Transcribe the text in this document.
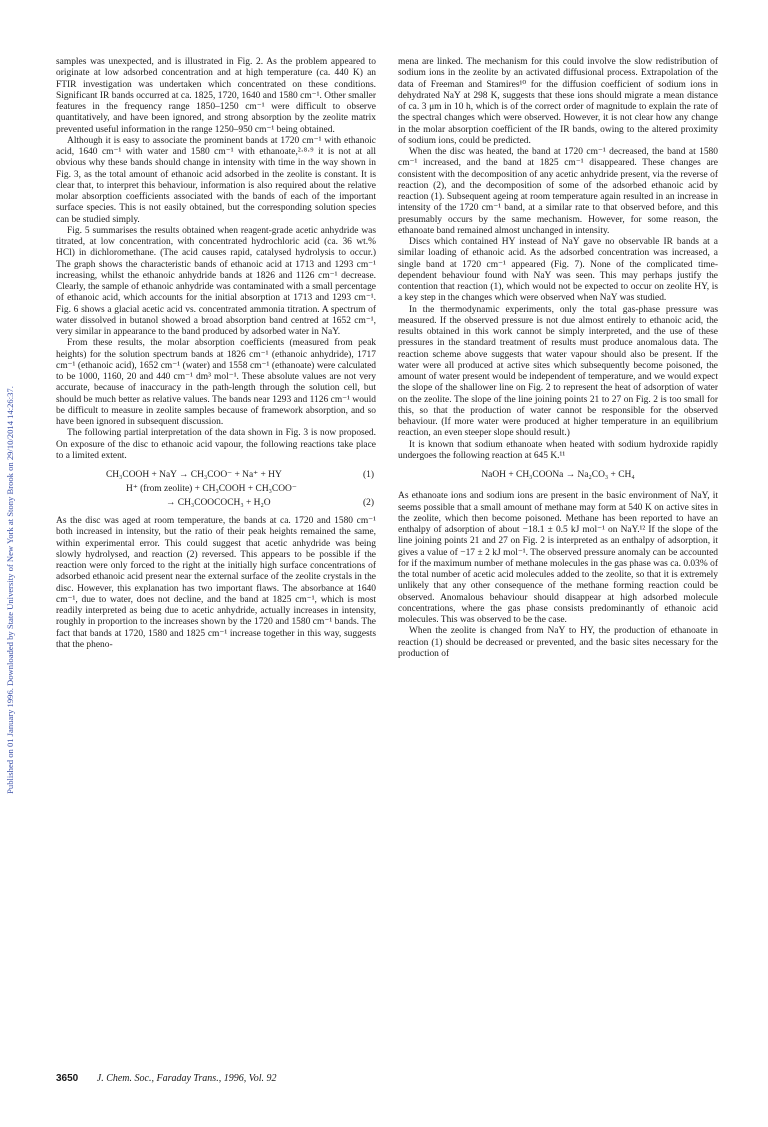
Published on 01 January 1996. Downloaded by State University of New York at Stony Brook on 29/10/2014 14:26:37.

samples was unexpected, and is illustrated in Fig. 2. As the problem appeared to originate at low adsorbed concentration and at high temperature (ca. 440 K) an FTIR investigation was undertaken which concentrated on these conditions. Significant IR bands occurred at ca. 1825, 1720, 1640 and 1580 cm⁻¹. Other smaller features in the frequency range 1850–1250 cm⁻¹ were difficult to observe quantitatively, and have been ignored, and strong absorption by the zeolite matrix prevented useful information in the range 1250–950 cm⁻¹ being obtained.

Although it is easy to associate the prominent bands at 1720 cm⁻¹ with ethanoic acid, 1640 cm⁻¹ with water and 1580 cm⁻¹ with ethanoate,²·⁸·⁹ it is not at all obvious why these bands should change in intensity with time in the way shown in Fig. 3, as the total amount of ethanoic acid adsorbed in the zeolite is constant. It is clear that, to interpret this behaviour, information is also required about the relative molar absorption coefficients associated with the bands of each of the important surface species. This is not easily obtained, but the corresponding solution species can be studied simply.

Fig. 5 summarises the results obtained when reagent-grade acetic anhydride was titrated, at low concentration, with concentrated hydrochloric acid (ca. 36 wt.% HCl) in dichloromethane. (The acid causes rapid, catalysed hydrolysis to occur.) The graph shows the characteristic bands of ethanoic acid at 1713 and 1293 cm⁻¹ increasing, whilst the ethanoic anhydride bands at 1826 and 1126 cm⁻¹ decrease. Clearly, the sample of ethanoic anhydride was contaminated with a small percentage of ethanoic acid, which accounts for the initial absorption at 1713 and 1293 cm⁻¹. Fig. 6 shows a glacial acetic acid vs. concentrated ammonia titration. A spectrum of water dissolved in butanol showed a broad absorption band centred at 1652 cm⁻¹, very similar in appearance to the band produced by adsorbed water in NaY.

From these results, the molar absorption coefficients (measured from peak heights) for the solution spectrum bands at 1826 cm⁻¹ (ethanoic anhydride), 1717 cm⁻¹ (ethanoic acid), 1652 cm⁻¹ (water) and 1558 cm⁻¹ (ethanoate) were calculated to be 1000, 1160, 20 and 440 cm⁻¹ dm³ mol⁻¹. These absolute values are not very accurate, because of inaccuracy in the path-length through the solution cell, but should be much better as relative values. The bands near 1293 and 1126 cm⁻¹ would be difficult to measure in zeolite samples because of framework absorption, and so have been ignored in subsequent discussion.

The following partial interpretation of the data shown in Fig. 3 is now proposed. On exposure of the disc to ethanoic acid vapour, the following reactions take place to a limited extent.

CH₃COOH + NaY → CH₃COO⁻ + Na⁺ + HY	(1)
H⁺ (from zeolite) + CH₃COOH + CH₃COO⁻
→ CH₃COOCOCH₃ + H₂O	(2)

As the disc was aged at room temperature, the bands at ca. 1720 and 1580 cm⁻¹ both increased in intensity, but the ratio of their peak heights remained the same, within experimental error. This could suggest that acetic anhydride was being slowly hydrolysed, and reaction (2) reversed. This appears to be possible if the reaction were only forced to the right at the initially high surface concentrations of adsorbed ethanoic acid present near the external surface of the zeolite crystals in the disc. However, this explanation has two important flaws. The absorbance at 1640 cm⁻¹, due to water, does not decline, and the band at 1825 cm⁻¹, which is most readily interpreted as being due to acetic anhydride, actually increases in intensity, roughly in proportion to the increases shown by the 1720 and 1580 cm⁻¹ bands. The fact that bands at 1720, 1580 and 1825 cm⁻¹ increase together in this way, suggests that the pheno-

mena are linked. The mechanism for this could involve the slow redistribution of sodium ions in the zeolite by an activated diffusional process. Extrapolation of the data of Freeman and Stamires¹⁰ for the diffusion coefficient of sodium ions in dehydrated NaY at 298 K, suggests that these ions should migrate a mean distance of ca. 3 μm in 10 h, which is of the correct order of magnitude to explain the rate of the spectral changes which were observed. However, it is not clear how any change in the molar absorption coefficient of the IR bands, owing to the altered proximity of sodium ions, could be predicted.

When the disc was heated, the band at 1720 cm⁻¹ decreased, the band at 1580 cm⁻¹ increased, and the band at 1825 cm⁻¹ disappeared. These changes are consistent with the decomposition of any acetic anhydride present, via the reverse of reaction (2), and the decomposition of some of the adsorbed ethanoic acid by reaction (1). Subsequent ageing at room temperature again resulted in an increase in intensity of the 1720 cm⁻¹ band, at a similar rate to that observed before, and this presumably occurs by the same mechanism. However, for some reason, the ethanoate band remained almost unchanged in intensity.

Discs which contained HY instead of NaY gave no observable IR bands at a similar loading of ethanoic acid. As the adsorbed concentration was increased, a single band at 1720 cm⁻¹ appeared (Fig. 7). None of the complicated time-dependent behaviour found with NaY was seen. This may perhaps justify the contention that reaction (1), which would not be expected to occur on zeolite HY, is a key step in the changes which were observed when NaY was studied.

In the thermodynamic experiments, only the total gas-phase pressure was measured. If the observed pressure is not due almost entirely to ethanoic acid, the results obtained in this work cannot be simply interpreted, and the use of these pressures in the standard treatment of results must produce anomalous data. The reaction scheme above suggests that water vapour should also be present. If the water were all produced at active sites which subsequently become poisoned, the amount of water present would be independent of temperature, and we would expect the slope of the shallower line on Fig. 2 to represent the heat of adsorption of water on the zeolite. The slope of the line joining points 21 to 27 on Fig. 2 is too small for this, so that the production of water cannot be responsible for the observed behaviour. (If more water were produced at higher temperature in an equilibrium reaction, an even steeper slope should result.)

It is known that sodium ethanoate when heated with sodium hydroxide rapidly undergoes the following reaction at 645 K.¹¹

NaOH + CH₃COONa → Na₂CO₃ + CH₄

As ethanoate ions and sodium ions are present in the basic environment of NaY, it seems possible that a small amount of methane may form at 540 K on active sites in the zeolite, which then become poisoned. Methane has been reported to have an enthalpy of adsorption of about −18.1 ± 0.5 kJ mol⁻¹ on NaY.¹² If the slope of the line joining points 21 and 27 on Fig. 2 is interpreted as an enthalpy of adsorption, it gives a value of −17 ± 2 kJ mol⁻¹. The observed pressure anomaly can be accounted for if the maximum number of methane molecules in the gas phase was ca. 0.03% of the total number of acetic acid molecules added to the zeolite, so that it is extremely unlikely that any other consequence of the methane forming reaction could be observed. Anomalous behaviour should disappear at high adsorbed molecule concentrations, where the gas phase consists predominantly of ethanoic acid molecules. This was observed to be the case.

When the zeolite is changed from NaY to HY, the production of ethanoate in reaction (1) should be decreased or prevented, and the basic sites necessary for the production of

3650 J. Chem. Soc., Faraday Trans., 1996, Vol. 92
